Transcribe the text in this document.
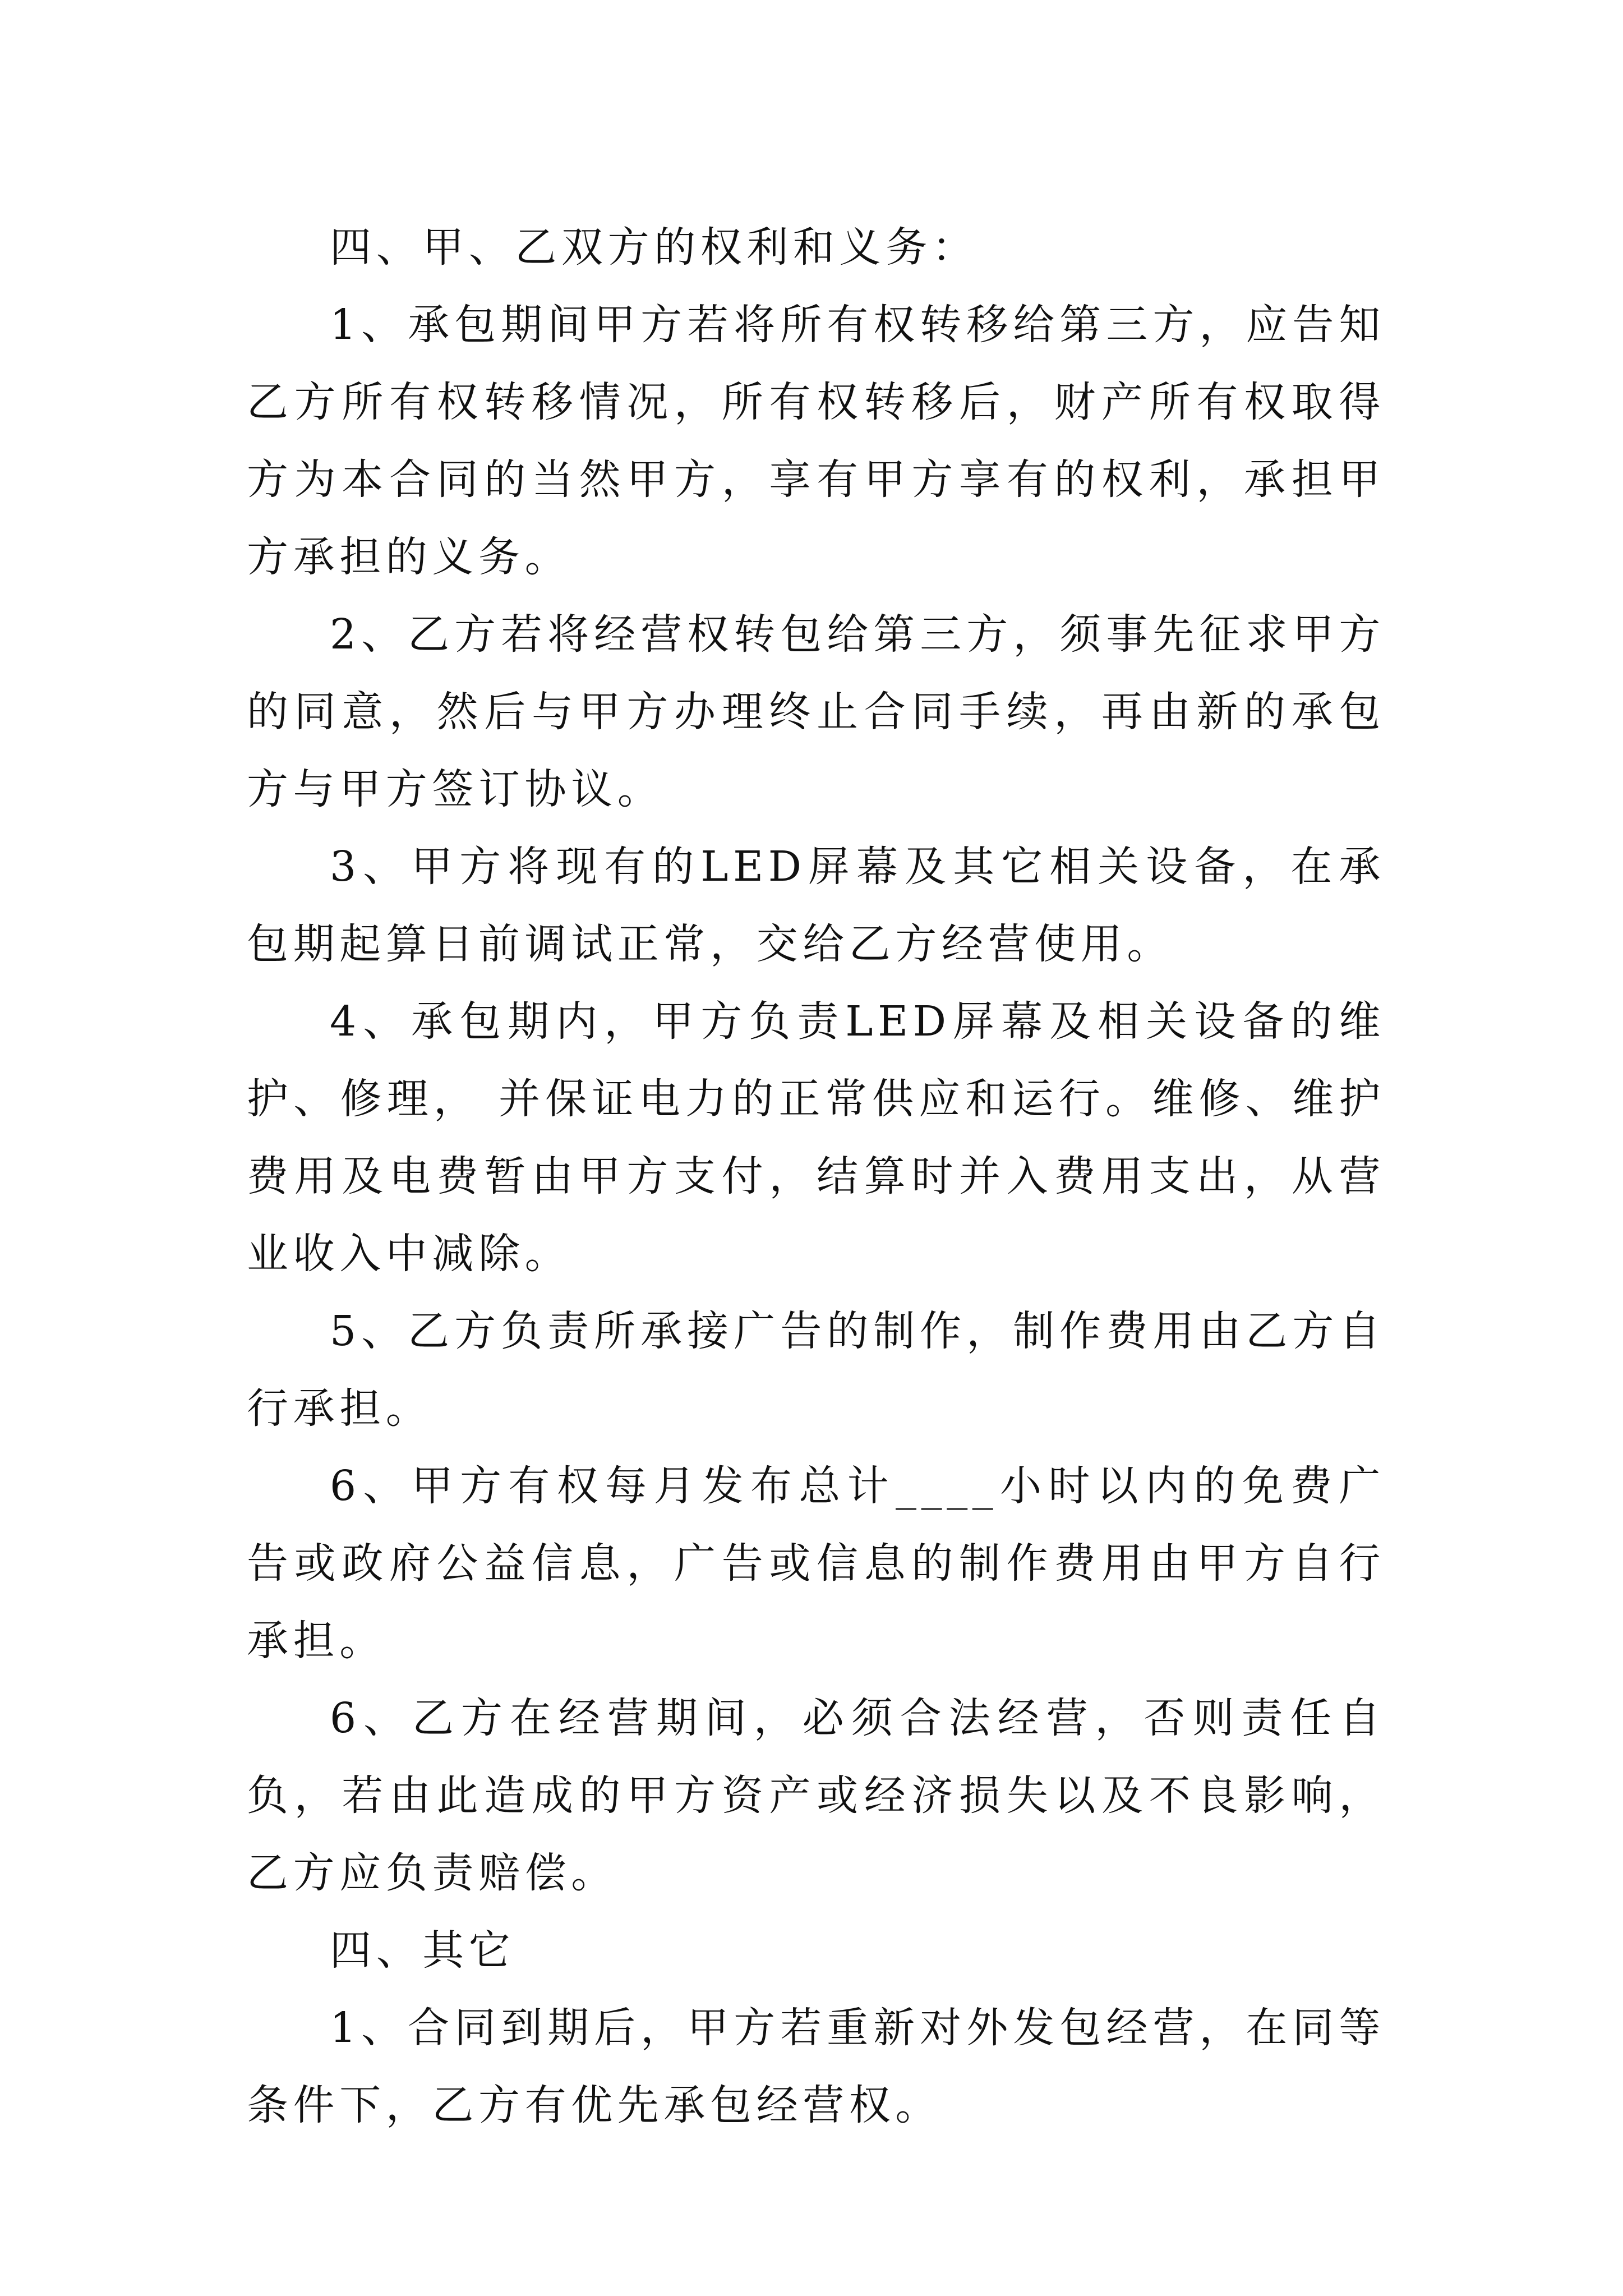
四、甲、乙双方的权利和义务：

1、承包期间甲方若将所有权转移给第三方，应告知乙方所有权转移情况，所有权转移后，财产所有权取得方为本合同的当然甲方，享有甲方享有的权利，承担甲方承担的义务。

2、乙方若将经营权转包给第三方，须事先征求甲方的同意，然后与甲方办理终止合同手续，再由新的承包方与甲方签订协议。

3、甲方将现有的LED屏幕及其它相关设备，在承包期起算日前调试正常，交给乙方经营使用。

4、承包期内，甲方负责LED屏幕及相关设备的维护、修理， 并保证电力的正常供应和运行。维修、维护费用及电费暂由甲方支付，结算时并入费用支出，从营业收入中减除。

5、乙方负责所承接广告的制作，制作费用由乙方自行承担。

6、甲方有权每月发布总计____小时以内的免费广告或政府公益信息，广告或信息的制作费用由甲方自行承担。

6、乙方在经营期间，必须合法经营，否则责任自负，若由此造成的甲方资产或经济损失以及不良影响，乙方应负责赔偿。

四、其它

1、合同到期后，甲方若重新对外发包经营，在同等条件下，乙方有优先承包经营权。
